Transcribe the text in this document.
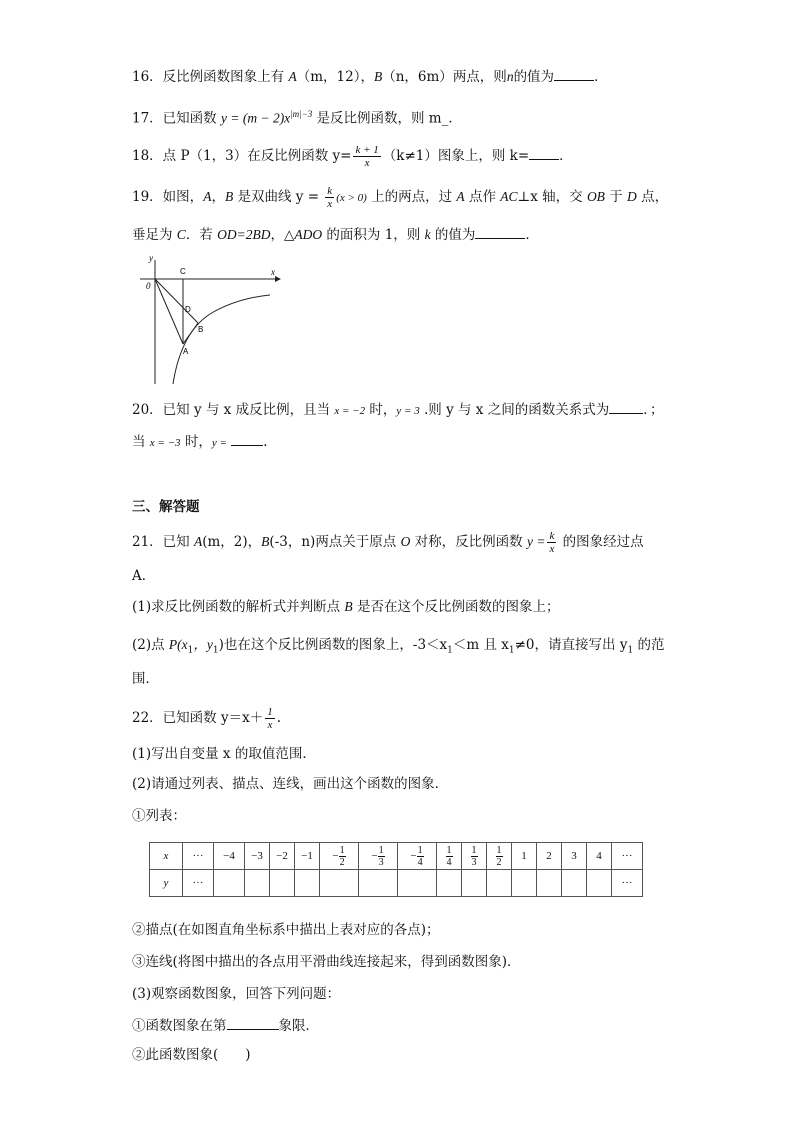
16．反比例函数图象上有 A（m，12），B（n，6m）两点，则n的值为	．
17．已知函数 $y = (m - 2)x^{|m|-3}$ 是反比例函数，则 m_．
18．点 P（1，3）在反比例函数 $y= \frac{k + 1}{x} (k\ne 1)$图象上，则 k= ．
19．如图，A，B 是双曲线 $y = \frac{k}{x} (x > 0)$ 上的两点，过 A 点作 AC⊥x 轴，交 OB 于 D 点，
垂足为 C．若 OD=2BD，△ADO 的面积为 1，则 k 的值为	．
y
x
0
C
D
B
A
20．已知 y 与 x 成反比例，且当 x = −2 时，y = 3 .则 y 与 x 之间的函数关系式为	．；
当 x = −3 时，y =	.
三、解答题
21．已知 A(m，2)，B(-3，n)两点关于原点 O 对称，反比例函数 $y = \frac{k}{x}$ 的图象经过点
A．
(1)求反比例函数的解析式并判断点 B 是否在这个反比例函数的图象上；
(2)点 $P(x_1$，$y_1$)也在这个反比例函数的图象上，$-3<x_1<m$ 且 $x_1\ne 0$，请直接写出 $y_1$ 的范
围．
22．已知函数 $y=x+ \frac{1}{x}$ .
(1)写出自变量 x 的取值范围．
(2)请通过列表、描点、连线，画出这个函数的图象．
①列表：
x	···	−4	−3	−2	−1	− $\frac{1}{2}$	− $\frac{1}{3}$	− $\frac{1}{4}$	$\frac{1}{4}$	$\frac{1}{3}$	$\frac{1}{2}$	1	2	3	4	···
y	···															···
②描点(在如图直角坐标系中描出上表对应的各点)；
③连线(将图中描出的各点用平滑曲线连接起来，得到函数图象)．
(3)观察函数图象，回答下列问题：
①函数图象在第	象限．
②此函数图象(　　)
